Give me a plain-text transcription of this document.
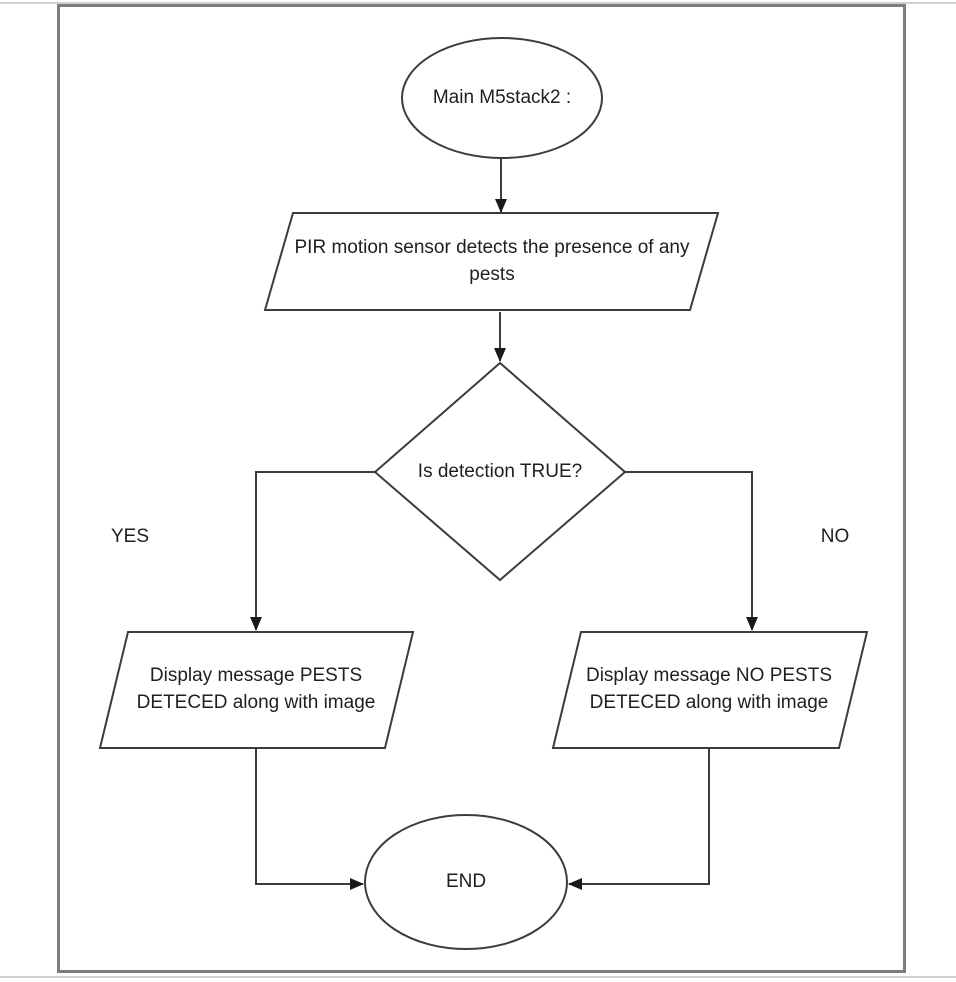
Main M5stack2 :
PIR motion sensor detects the presence of any pests
Is detection TRUE?
YES	NO
Display message PESTS DETECED along with image
Display message NO PESTS DETECED along with image
END
